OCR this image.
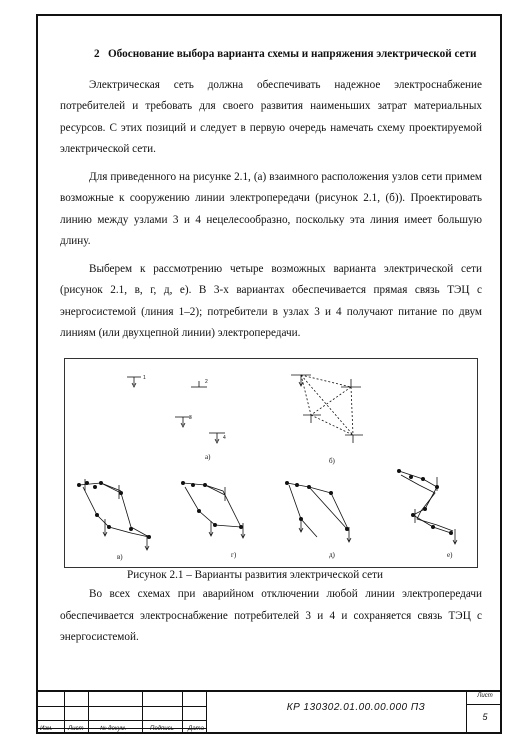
2 Обоснование выбора варианта схемы и напряжения электрической сети

Электрическая сеть должна обеспечивать надежное электроснабжение потребителей и требовать для своего развития наименьших затрат материальных ресурсов. С этих позиций и следует в первую очередь намечать схему проектируемой электрической сети.

Для приведенного на рисунке 2.1, (а) взаимного расположения узлов сети примем возможные к сооружению линии электропередачи (рисунок 2.1, (б)). Проектировать линию между узлами 3 и 4 нецелесообразно, поскольку эта линия имеет большую длину.

Выберем к рассмотрению четыре возможных варианта электрической сети (рисунок 2.1, в, г, д, е). В 3-х вариантах обеспечивается прямая связь ТЭЦ с энергосистемой (линия 1–2); потребители в узлах 3 и 4 получают питание по двум линиям (или двухцепной линии) электропередачи.

1
2
3
4
а)	б)
в)	г)	д)	е)
Рисунок 2.1 – Варианты развития электрической сети

Во всех схемах при аварийном отключении любой линии электропередачи обеспечивается электроснабжение потребителей 3 и 4 и сохраняется связь ТЭЦ с энергосистемой.

Изм.	Лист	№ докум.	Подпись Дата
КР 130302.01.00.00.000 ПЗ
Лист
5
